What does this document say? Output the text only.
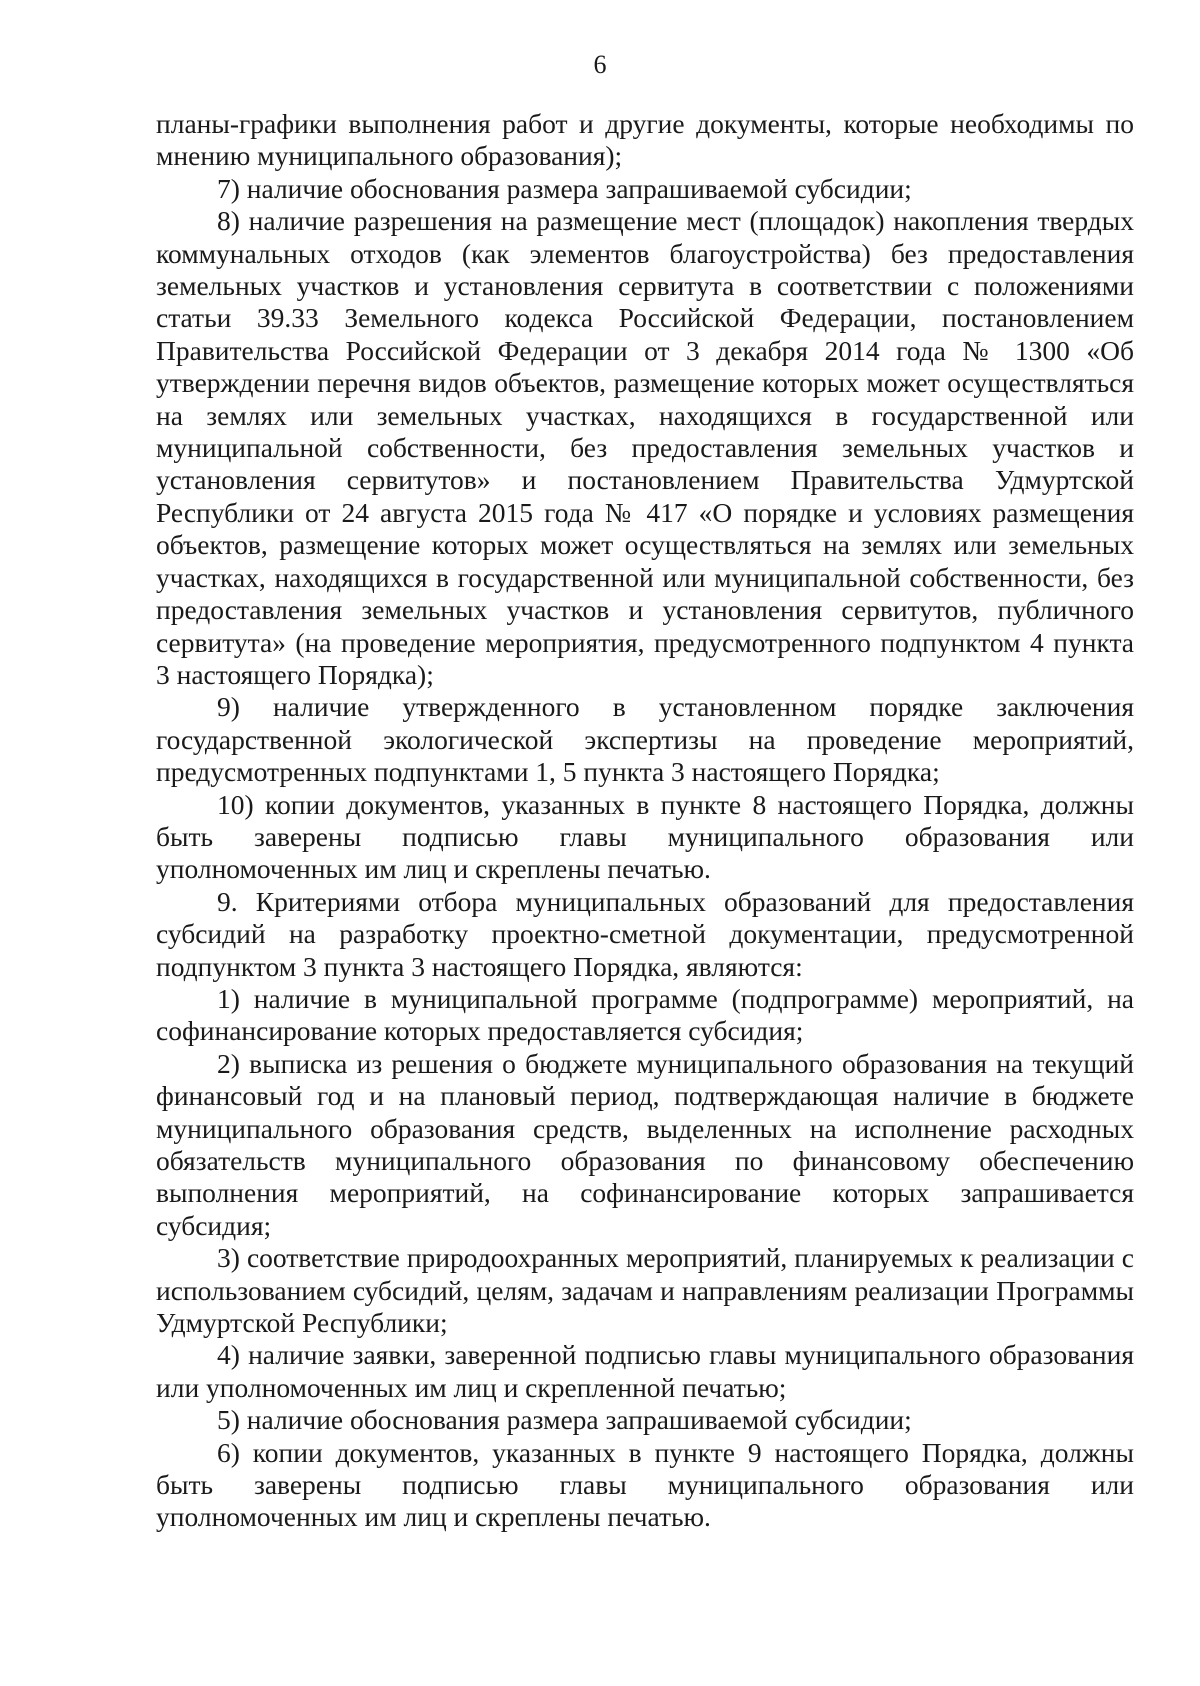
6

планы-графики выполнения работ и другие документы, которые необходимы по мнению муниципального образования);

7) наличие обоснования размера запрашиваемой субсидии;

8) наличие разрешения на размещение мест (площадок) накопления твердых коммунальных отходов (как элементов благоустройства) без предоставления земельных участков и установления сервитута в соответствии с положениями статьи 39.33 Земельного кодекса Российской Федерации, постановлением Правительства Российской Федерации от 3 декабря 2014 года № 1300 «Об утверждении перечня видов объектов, размещение которых может осуществляться на землях или земельных участках, находящихся в государственной или муниципальной собственности, без предоставления земельных участков и установления сервитутов» и постановлением Правительства Удмуртской Республики от 24 августа 2015 года № 417 «О порядке и условиях размещения объектов, размещение которых может осуществляться на землях или земельных участках, находящихся в государственной или муниципальной собственности, без предоставления земельных участков и установления сервитутов, публичного сервитута» (на проведение мероприятия, предусмотренного подпунктом 4 пункта 3 настоящего Порядка);

9) наличие утвержденного в установленном порядке заключения государственной экологической экспертизы на проведение мероприятий, предусмотренных подпунктами 1, 5 пункта 3 настоящего Порядка;

10) копии документов, указанных в пункте 8 настоящего Порядка, должны быть заверены подписью главы муниципального образования или уполномоченных им лиц и скреплены печатью.

9. Критериями отбора муниципальных образований для предоставления субсидий на разработку проектно-сметной документации, предусмотренной подпунктом 3 пункта 3 настоящего Порядка, являются:

1) наличие в муниципальной программе (подпрограмме) мероприятий, на софинансирование которых предоставляется субсидия;

2) выписка из решения о бюджете муниципального образования на текущий финансовый год и на плановый период, подтверждающая наличие в бюджете муниципального образования средств, выделенных на исполнение расходных обязательств муниципального образования по финансовому обеспечению выполнения мероприятий, на софинансирование которых запрашивается субсидия;

3) соответствие природоохранных мероприятий, планируемых к реализации с использованием субсидий, целям, задачам и направлениям реализации Программы Удмуртской Республики;

4) наличие заявки, заверенной подписью главы муниципального образования или уполномоченных им лиц и скрепленной печатью;

5) наличие обоснования размера запрашиваемой субсидии;

6) копии документов, указанных в пункте 9 настоящего Порядка, должны быть заверены подписью главы муниципального образования или уполномоченных им лиц и скреплены печатью.
